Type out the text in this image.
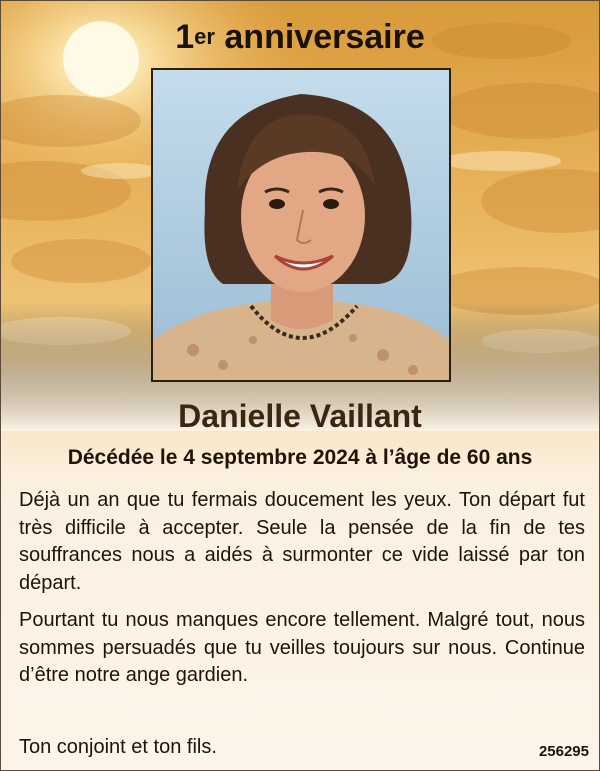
1er anniversaire
Danielle Vaillant
Décédée le 4 septembre 2024 à l’âge de 60 ans

Déjà un an que tu fermais doucement les yeux. Ton départ fut très difficile à accepter. Seule la pensée de la fin de tes souffrances nous a aidés à surmonter ce vide laissé par ton départ.

Pourtant tu nous manques encore tellement. Malgré tout, nous sommes persuadés que tu veilles toujours sur nous. Continue d’être notre ange gardien.

Ton conjoint et ton fils.	256295
